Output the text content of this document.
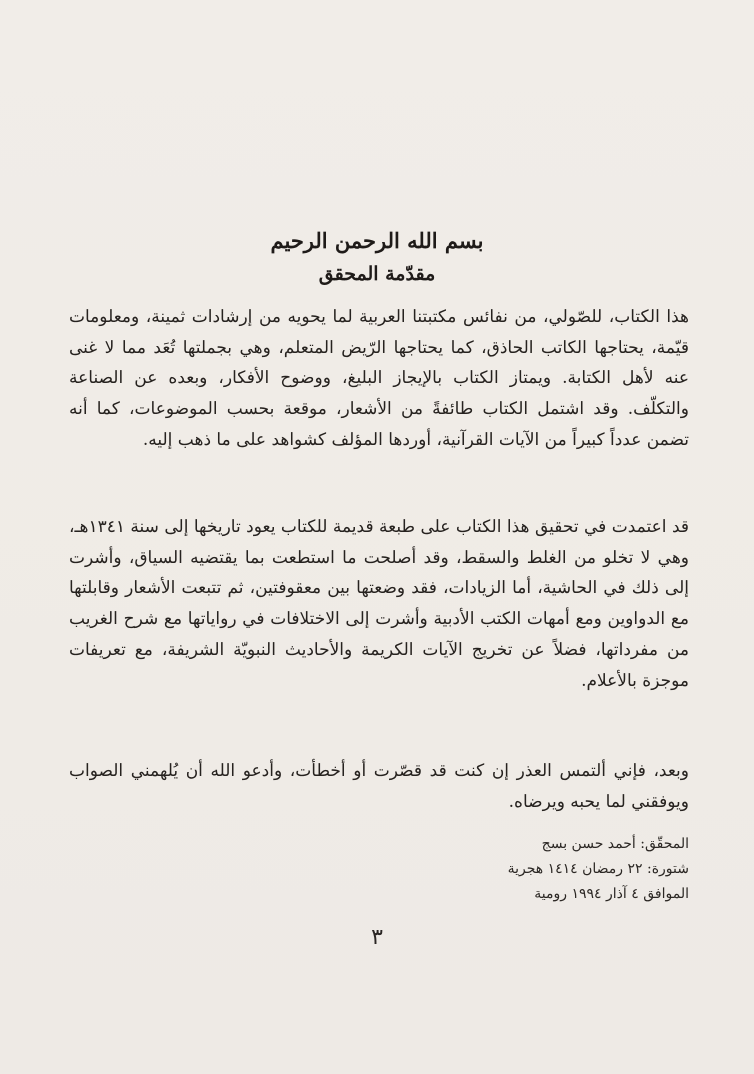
بسم الله الرحمن الرحيم
مقدّمة المحقق

هذا الكتاب، للصّولي، من نفائس مكتبتنا العربية لما يحويه من إرشادات ثمينة، ومعلومات قيّمة، يحتاجها الكاتب الحاذق، كما يحتاجها الرّيض المتعلم، وهي بجملتها تُعَد مما لا غنى عنه لأهل الكتابة. ويمتاز الكتاب بالإيجاز البليغ، ووضوح الأفكار، وبعده عن الصناعة والتكلّف. وقد اشتمل الكتاب طائفةً من الأشعار، موقعة بحسب الموضوعات، كما أنه تضمن عدداً كبيراً من الآيات القرآنية، أوردها المؤلف كشواهد على ما ذهب إليه.

قد اعتمدت في تحقيق هذا الكتاب على طبعة قديمة للكتاب يعود تاريخها إلى سنة ١٣٤١هـ، وهي لا تخلو من الغلط والسقط، وقد أصلحت ما استطعت بما يقتضيه السياق، وأشرت إلى ذلك في الحاشية، أما الزيادات، فقد وضعتها بين معقوفتين، ثم تتبعت الأشعار وقابلتها مع الدواوين ومع أمهات الكتب الأدبية وأشرت إلى الاختلافات في رواياتها مع شرح الغريب من مفرداتها، فضلاً عن تخريج الآيات الكريمة والأحاديث النبويّة الشريفة، مع تعريفات موجزة بالأعلام.

وبعد، فإني ألتمس العذر إن كنت قد قصّرت أو أخطأت، وأدعو الله أن يُلهمني الصواب ويوفقني لما يحبه ويرضاه.

المحقّق: أحمد حسن بسج
شتورة: ٢٢ رمضان ١٤١٤ هجرية
الموافق ٤ آذار ١٩٩٤ رومية
٣
